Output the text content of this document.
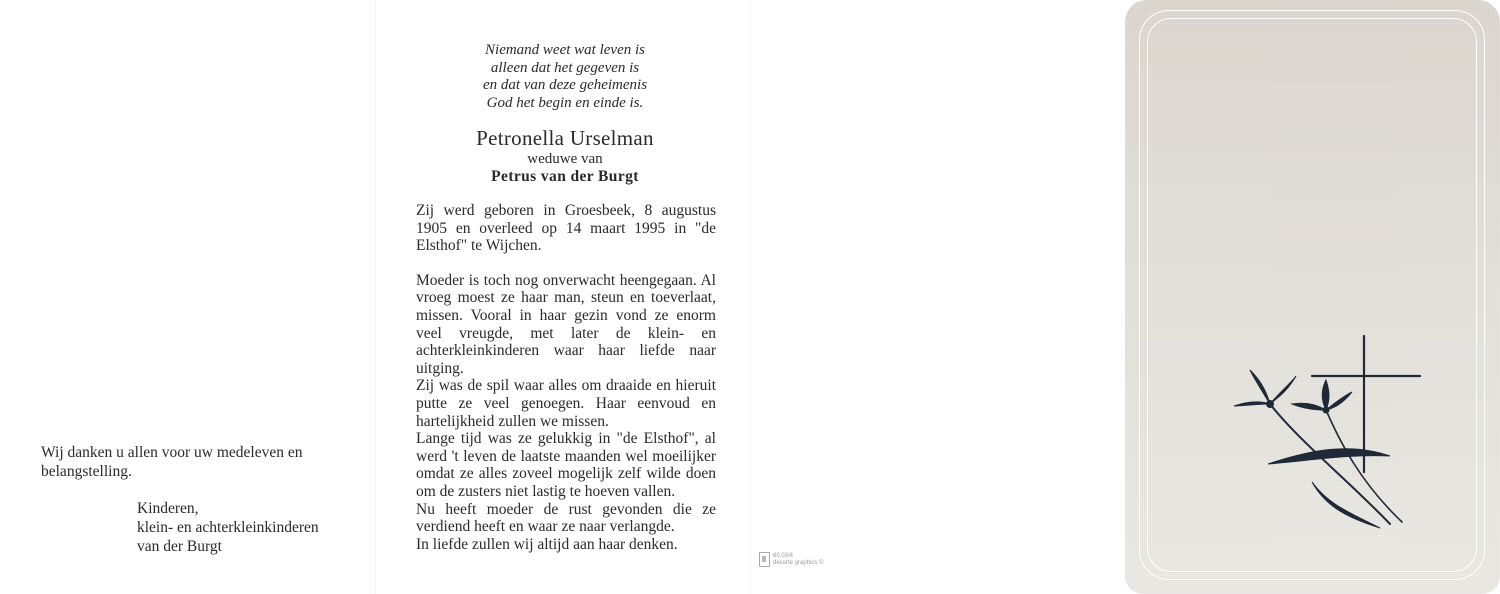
Wij danken u allen voor uw medeleven en belangstelling.

Kinderen,
klein- en achterkleinkinderen
van der Burgt
Niemand weet wat leven is
alleen dat het gegeven is
en dat van deze geheimenis
God het begin en einde is.
Petronella Urselman
weduwe van
Petrus van der Burgt

Zij werd geboren in Groesbeek, 8 augustus 1905 en overleed op 14 maart 1995 in "de Elsthof" te Wijchen.

Moeder is toch nog onverwacht heengegaan. Al vroeg moest ze haar man, steun en toeverlaat, missen. Vooral in haar gezin vond ze enorm veel vreugde, met later de klein- en achterkleinkinderen waar haar liefde naar uitging.

Zij was de spil waar alles om draaide en hieruit putte ze veel genoegen. Haar eenvoud en hartelijkheid zullen we missen.

Lange tijd was ze gelukkig in "de Elsthof", al werd 't leven de laatste maanden wel moeilijker omdat ze alles zoveel mogelijk zelf wilde doen om de zusters niet lastig te hoeven vallen.

Nu heeft moeder de rust gevonden die ze verdiend heeft en waar ze naar verlangde.

In liefde zullen wij altijd aan haar denken.

60.03/4
decorte graphics ©
